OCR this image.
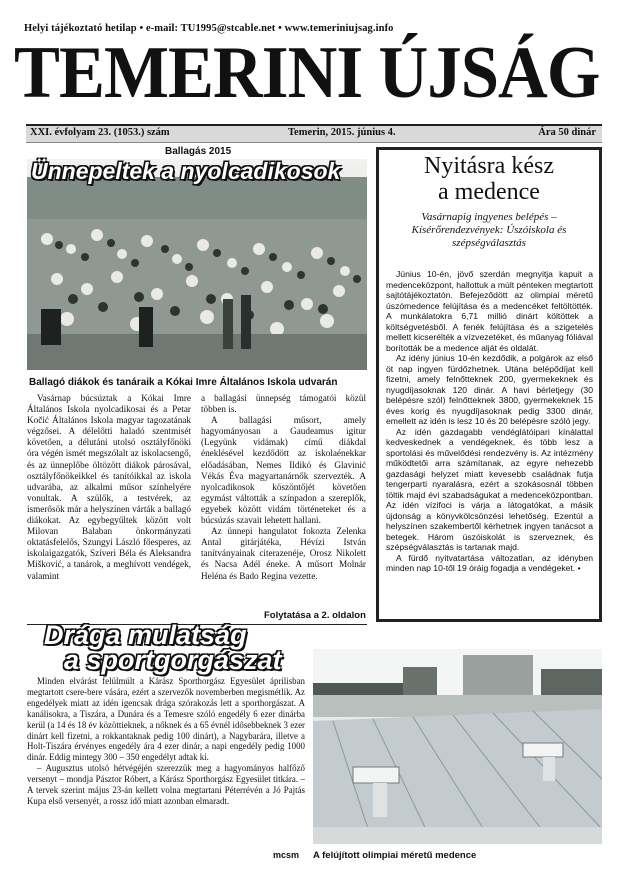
Helyi tájékoztató hetilap • e-mail: TU1995@stcable.net • www.temeriniujsag.info
TEMERINI ÚJSÁG
XXI. évfolyam 23. (1053.) szám	Temerin, 2015. június 4.	Ára 50 dinár
Ballagás 2015
Ünnepeltek a nyolcadikosok
Ballagó diákok és tanáraik a Kókai Imre Általános Iskola udvarán

Vasárnap búcsúztak a Kókai Imre Általános Iskola nyolcadikosai és a Petar Kočić Általános Iskola magyar tagozatának végzősei. A délelőtti haladó szentmisét követően, a délutáni utolsó osztályfőnöki óra végén ismét megszólalt az iskolacsengő, és az ünneplőbe öltözött diákok párosával, osztályfőnökeikkel és tanítóikkal az iskola udvarába, az alkalmi műsor színhelyére vonultak. A szülők, a testvérek, az ismerősök már a helyszínen várták a ballagó diákokat. Az egybegyűltek között volt Milovan Balaban önkormányzati oktatásfelelős, Szungyi László főesperes, az iskolaigazgatók, Szíveri Béla és Aleksandra Mišković, a tanárok, a meghívott vendégek, valamint

a ballagási ünnepség támogatói közül többen is.

A ballagási műsort, amely hagyományosan a Gaudeamus igitur (Legyünk vidámak) című diákdal éneklésével kezdődött az iskolaénekkar előadásában, Nemes Ildikó és Glavinić Vékás Éva magyartanárnők szervezték. A nyolcadikosok köszöntőjét követően egymást váltották a színpadon a szereplők, egyebek között vidám történeteket és a búcsúzás szavait lehetett hallani.

Az ünnepi hangulatot fokozta Zelenka Antal gitárjátéka, Hévízi István tanítványainak citerazenéje, Orosz Nikolett és Nacsa Adél éneke. A műsort Molnár Heléna és Bado Regina vezette.

Folytatása a 2. oldalon
Drága mulatság
a sportgorgászat

Minden elvárást felülmúlt a Kárász Sporthorgász Egyesület áprilisban megtartott csere-bere vására, ezért a szervezők novemberben megismétlik. Az engedélyek miatt az idén igencsak drága szórakozás lett a sporthorgászat. A kanálisokra, a Tiszára, a Dunára és a Temesre szóló engedély 6 ezer dinárba kerül (a 14 és 18 év közöttieknek, a nőknek és a 65 évnél idősebbeknek 3 ezer dinárt kell fizetni, a rokkantaknak pedig 100 dinárt), a Nagybarára, illetve a Holt-Tiszára érvényes engedély ára 4 ezer dinár, a napi engedély pedig 1000 dinár. Eddig mintegy 300 – 350 engedélyt adtak ki.

– Augusztus utolsó hétvégéjén szerezzük meg a hagyományos halfőző versenyt – mondja Pásztor Róbert, a Kárász Sporthorgász Egyesület titkára. – A tervek szerint május 23-án kellett volna megtartani Péterrévén a Jó Pajtás Kupa első versenyét, a rossz idő miatt azonban elmaradt.

mcsm
Nyitásra kész
a medence
Vasárnapig ingyenes belépés – Kísérőrendezvények: Úszóiskola és szépségválasztás

Június 10-én, jövő szerdán megnyitja kapuit a medenceközpont, hallottuk a múlt pénteken megtartott sajtótájékoztatón. Befejeződött az olimpiai méretű úszómedence felújítása és a medencéket feltöltötték. A munkálatokra 6,71 millió dinárt költöttek a költségvetésből. A fenék felújítása és a szigetelés mellett kicserélték a vízvezetéket, és műanyag fóliával borították be a medence alját és oldalát.

Az idény június 10-én kezdődik, a polgárok az első öt nap ingyen fürdőzhetnek. Utána belépődíjat kell fizetni, amely felnőtteknek 200, gyermekeknek és nyugdíjasoknak 120 dinár. A havi bérletjegy (30 belépésre szól) felnőtteknek 3800, gyermekeknek 15 éves korig és nyugdíjasoknak pedig 3300 dinár, emellett az idén is lesz 10 és 20 belépésre szóló jegy.

Az idén gazdagabb vendéglátóipari kínálattal kedveskednek a vendégeknek, és több lesz a sportolási és művelődési rendezvény is. Az intézmény működtetői arra számítanak, az egyre nehezebb gazdasági helyzet miatt kevesebb családnak futja tengerparti nyaralásra, ezért a szokásosnál többen töltik majd évi szabadságukat a medenceközpontban. Az idén vízifoci is várja a látogatókat, a másik újdonság a könyvkölcsönzési lehetőség. Ezentúl a helyszínen szakembertől kérhetnek ingyen tanácsot a betegek. Három úszóiskolát is szerveznek, és szépségválasztás is tartanak majd.

A fürdő nyitvatartása változatlan, az idényben minden nap 10-től 19 óráig fogadja a vendégeket. •

A felújított olimpiai méretű medence
